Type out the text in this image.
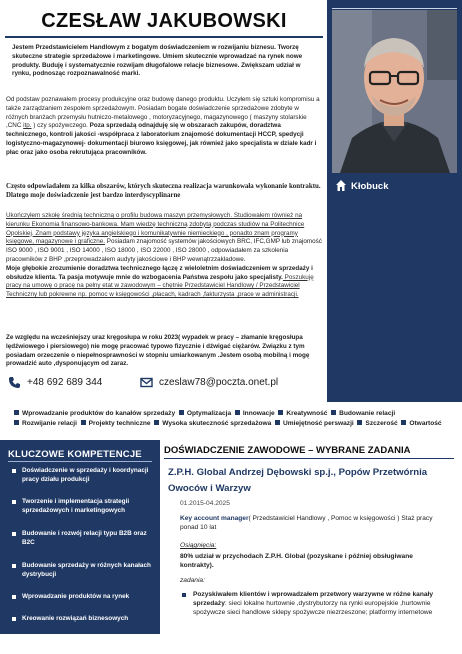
CZESŁAW JAKUBOWSKI
Jestem Przedstawicielem Handlowym z bogatym doświadczeniem w rozwijaniu biznesu. Tworzę skuteczne strategie sprzedażowe i marketingowe. Umiem skutecznie wprowadzać na rynek nowe produkty. Buduję i systematycznie rozwijam długofalowe relacje biznesowe. Zwiększam udział w rynku, podnosząc rozpoznawalność marki.
Od podstaw poznawałem procesy produkcyjne oraz budowę danego produktu. Uczyłem się sztuki kompromisu a także zarządzaniem zespołem sprzedażowym. Posiadam bogate doświadczenie sprzedażowe zdobyte w różnych branżach przemysłu hutniczo-metalowego , motoryzacyjnego, magazynowego ( maszyny stolarskie ,CNC itp. ) czy spożywczego. Poza sprzedażą odnajduję się w obszarach zakupów, doradztwa technicznego, kontroli jakości -współpraca z laboratorium znajomość dokumentacji HCCP, spedycji logistyczno-magazynowej- dokumentacji biurowo księgowej, jak również jako specjalista w dziale kadr i płac oraz jako osoba rekrutująca pracowników.
Często odpowiadałem za kilka obszarów, których skuteczna realizacja warunkowała wykonanie kontraktu. Dlatego moje doświadczenie jest bardzo interdyscyplinarne
Ukończyłem szkołę średnią techniczną o profilu budowa maszyn przemysłowych. Studiowałem również na kierunku Ekonomia finansowo-bankowa. Mam wiedzę techniczną zdobytą podczas studiów na Politechnice Opolskiej. Znam podstawy języka angielskiego i komunikatywnie niemieckiego , ponadto znam programy księgowe, magazynowe i graficzne. Posiadam znajomość systemów jakościowych BRC, IFC,GMP lub znajomość ISO 9000 , ISO 9001 , ISO 14000 , ISO 18000 , ISO 22000 , ISO 28000 , odpowiadałem za szkolenia pracowników z BHP ,przeprowadzałem audyty jakościowe i BHP wewnątrzzakładowe.
Moje głębokie zrozumienie doradztwa technicznego łączę z wieloletnim doświadczeniem w sprzedaży i obsłudze klienta. Ta pasja motywuje mnie do wzbogacenia Państwa zespołu jako specjalisty. Poszukuję pracy na umowę o pracę na pełny etat w zawodowym – chętnie Przedstawiciel Handlowy / Przedstawiciel Techniczny lub pokrewne np. pomoc w księgowości ,płacach, kadrach ,fakturzysta ,prace w administracji.
Ze względu na wcześniejszy uraz kręgosłupa w roku 2023( wypadek w pracy – złamanie kręgosłupa lędźwiowego i piersiowego) nie mogę pracować typowo fizycznie i dźwigać ciężarów. Związku z tym posiadam orzeczenie o niepełnosprawności w stopniu umiarkowanym .Jestem osobą mobilną i mogę prowadzić auto ,dysponującym od zaraz.
Kłobuck
+48 692 689 344	czeslaw78@poczta.onet.pl
Wprowadzanie produktów do kanałów sprzedaży Optymalizacja Innowacje Kreatywność Budowanie relacji  Rozwijanie relacji Projekty techniczne Wysoka skuteczność sprzedażowa Umiejętność perswazji Szczerość Otwartość
KLUCZOWE KOMPETENCJE
Doświadczenie w sprzedaży i koordynacji pracy działu produkcji
Tworzenie i implementacja strategii sprzedażowych i marketingowych
Budowanie i rozwój relacji typu B2B oraz B2C
Budowanie sprzedaży w różnych kanałach dystrybucji
Wprowadzanie produktów na rynek
Kreowanie rozwiązań biznesowych
DOŚWIADCZENIE ZAWODOWE – WYBRANE ZADANIA
Z.P.H. Global Andrzej Dębowski sp.j., Popów Przetwórnia Owoców i Warzyw
01.2015-04.2025
Key account manager( Przedstawiciel Handlowy , Pomoc w księgowości ) Staż pracy ponad 10 lat
Osiągnięcia:
80% udział w przychodach Z.P.H. Global (pozyskane i później obsługiwane kontrakty).
zadania:
Pozyskiwałem klientów i wprowadzałem przetwory warzywne w różne kanały sprzedaży: sieci lokalne hurtownie ,dystrybutorzy na rynki europejskie ,hurtownie spożywcze sieci handlowe sklepy spożywcze niezrzeszone; platformy internetowe
